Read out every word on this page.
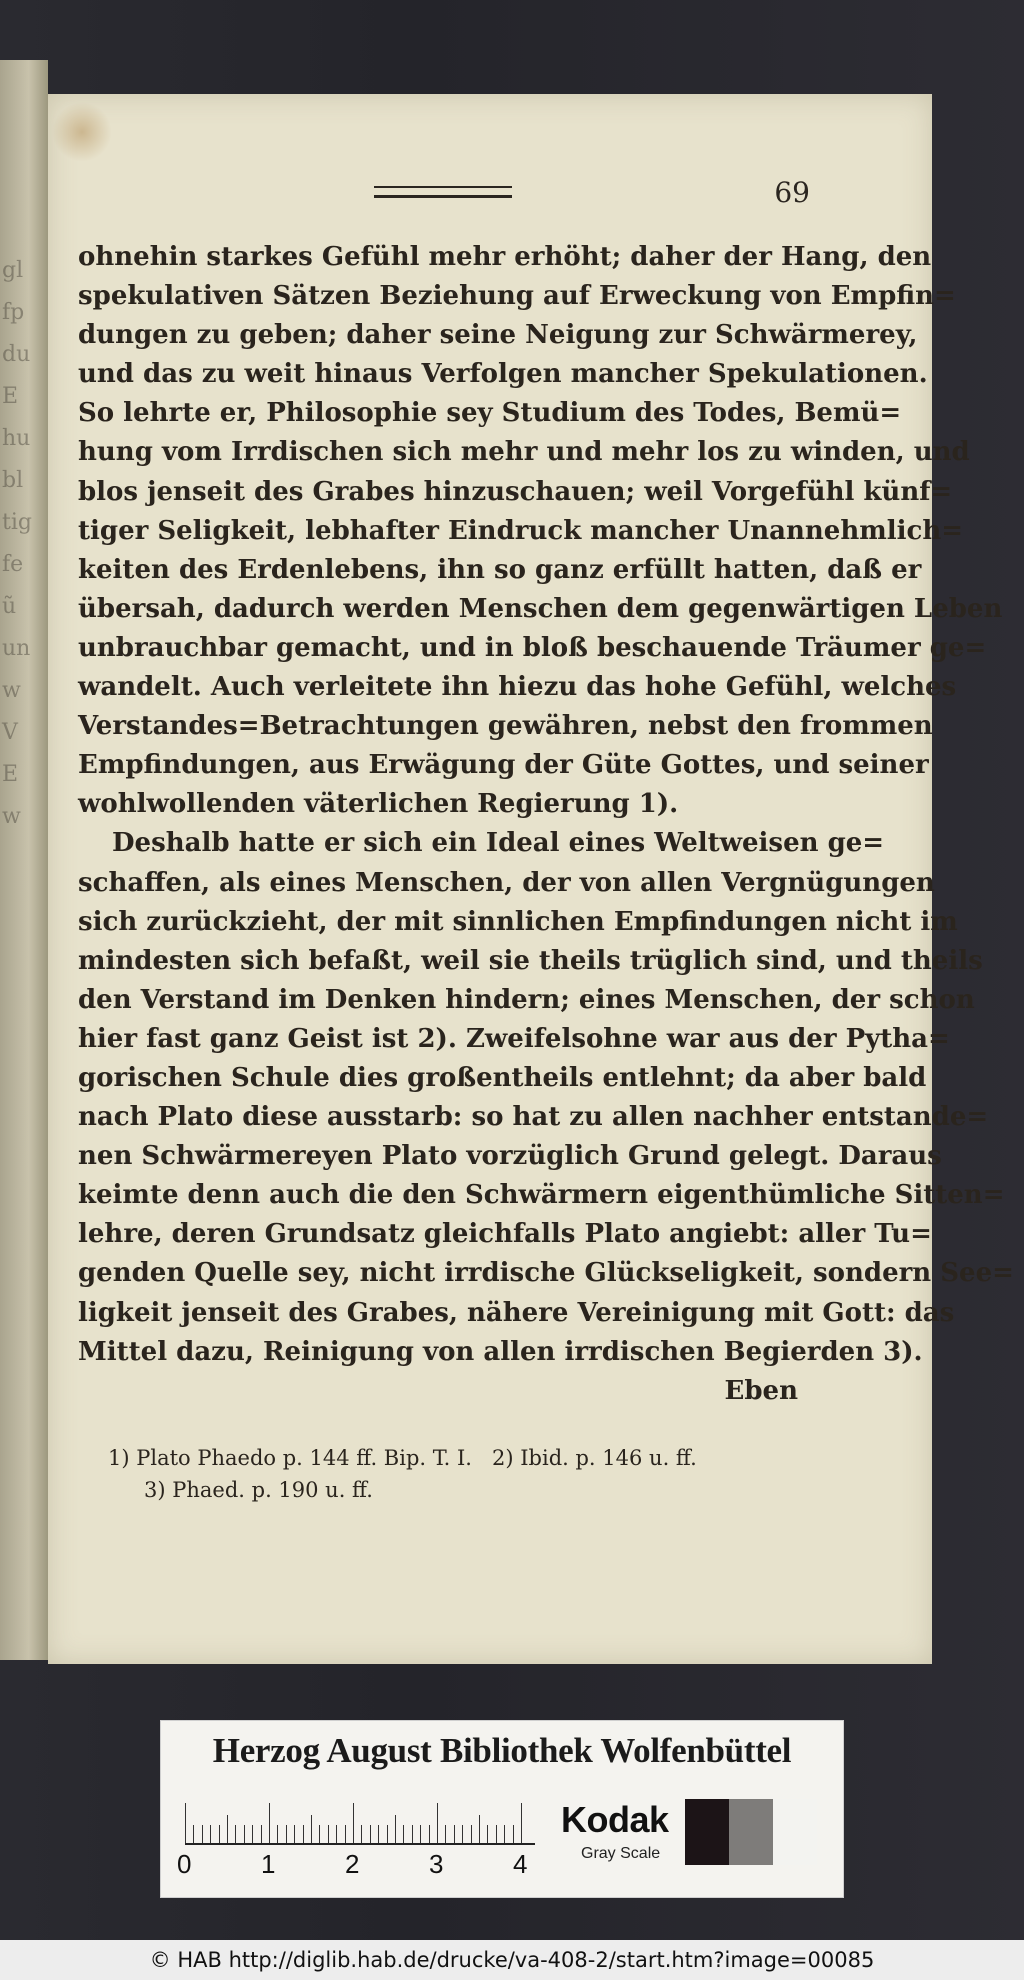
gl
fp
du
E
hu
bl
tig
fe
ũ
un
w
V
E
w
69
ohnehin starkes Gefühl mehr erhöht; daher der Hang, den
spekulativen Sätzen Beziehung auf Erweckung von Empfin=
dungen zu geben; daher seine Neigung zur Schwärmerey,
und das zu weit hinaus Verfolgen mancher Spekulationen.
So lehrte er, Philosophie sey Studium des Todes, Bemü=
hung vom Irrdischen sich mehr und mehr los zu winden, und
blos jenseit des Grabes hinzuschauen; weil Vorgefühl künf=
tiger Seligkeit, lebhafter Eindruck mancher Unannehmlich=
keiten des Erdenlebens, ihn so ganz erfüllt hatten, daß er
übersah, dadurch werden Menschen dem gegenwärtigen Leben
unbrauchbar gemacht, und in bloß beschauende Träumer ge=
wandelt. Auch verleitete ihn hiezu das hohe Gefühl, welches
Verstandes=Betrachtungen gewähren, nebst den frommen
Empfindungen, aus Erwägung der Güte Gottes, und seiner
wohlwollenden väterlichen Regierung 1).
Deshalb hatte er sich ein Ideal eines Weltweisen ge=
schaffen, als eines Menschen, der von allen Vergnügungen
sich zurückzieht, der mit sinnlichen Empfindungen nicht im
mindesten sich befaßt, weil sie theils trüglich sind, und theils
den Verstand im Denken hindern; eines Menschen, der schon
hier fast ganz Geist ist 2). Zweifelsohne war aus der Pytha=
gorischen Schule dies großentheils entlehnt; da aber bald
nach Plato diese ausstarb: so hat zu allen nachher entstande=
nen Schwärmereyen Plato vorzüglich Grund gelegt. Daraus
keimte denn auch die den Schwärmern eigenthümliche Sitten=
lehre, deren Grundsatz gleichfalls Plato angiebt: aller Tu=
genden Quelle sey, nicht irrdische Glückseligkeit, sondern See=
ligkeit jenseit des Grabes, nähere Vereinigung mit Gott: das
Mittel dazu, Reinigung von allen irrdischen Begierden 3).
Eben
1) Plato Phaedo p. 144 ff. Bip. T. I. 2) Ibid. p. 146 u. ff.
3) Phaed. p. 190 u. ff.
Herzog August Bibliothek Wolfenbüttel
0	1	2	3	4
Kodak
Gray Scale
© HAB http://diglib.hab.de/drucke/va-408-2/start.htm?image=00085
